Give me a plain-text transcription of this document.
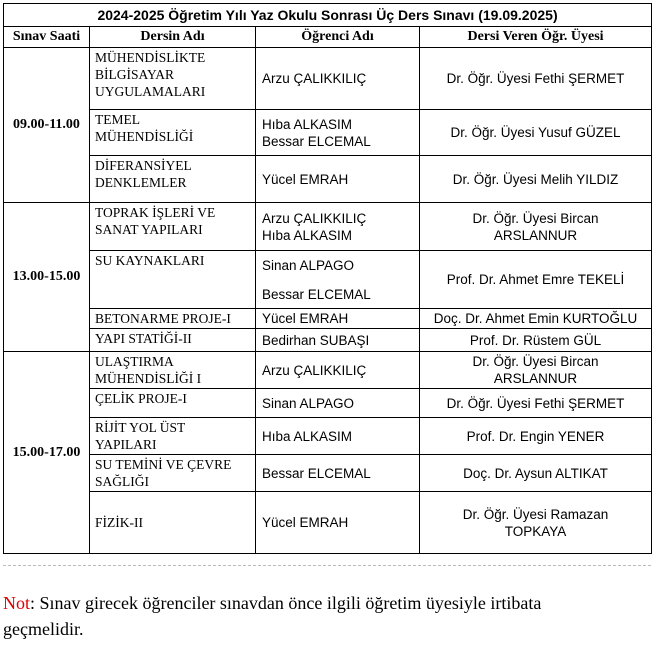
2024-2025 Öğretim Yılı Yaz Okulu Sonrası Üç Ders Sınavı (19.09.2025)			
Sınav Saati	Dersin Adı	Öğrenci Adı	Dersi Veren Öğr. Üyesi
09.00-11.00	MÜHENDİSLİKTE
BİLGİSAYAR
UYGULAMALARI	Arzu ÇALIKKILIÇ	Dr. Öğr. Üyesi Fethi ŞERMET

	TEMEL
MÜHENDİSLİĞİ	Hıba ALKASIM
Bessar ELCEMAL	Dr. Öğr. Üyesi Yusuf GÜZEL

	DİFERANSİYEL
DENKLEMLER	Yücel EMRAH	Dr. Öğr. Üyesi Melih YILDIZ

13.00-15.00	TOPRAK İŞLERİ VE
SANAT YAPILARI	Arzu ÇALIKKILIÇ
Hıba ALKASIM	Dr. Öğr. Üyesi Bircan
ARSLANNUR

	SU KAYNAKLARI	Sinan ALPAGO
Bessar ELCEMAL	Prof. Dr. Ahmet Emre TEKELİ

	BETONARME PROJE-I	Yücel EMRAH	Doç. Dr. Ahmet Emin KURTOĞLU

	YAPI STATİĞİ-II	Bedirhan SUBAŞI	Prof. Dr. Rüstem GÜL

15.00-17.00	ULAŞTIRMA
MÜHENDİSLİĞİ I	Arzu ÇALIKKILIÇ	Dr. Öğr. Üyesi Bircan
ARSLANNUR

	ÇELİK PROJE-I	Sinan ALPAGO	Dr. Öğr. Üyesi Fethi ŞERMET

	RİJİT YOL ÜST
YAPILARI	Hıba ALKASIM	Prof. Dr. Engin YENER

	SU TEMİNİ VE ÇEVRE
SAĞLIĞI	Bessar ELCEMAL	Doç. Dr. Aysun ALTIKAT

	FİZİK-II	Yücel EMRAH	Dr. Öğr. Üyesi Ramazan
TOPKAYA
Not: Sınav girecek öğrenciler sınavdan önce ilgili öğretim üyesiyle irtibata geçmelidir.
